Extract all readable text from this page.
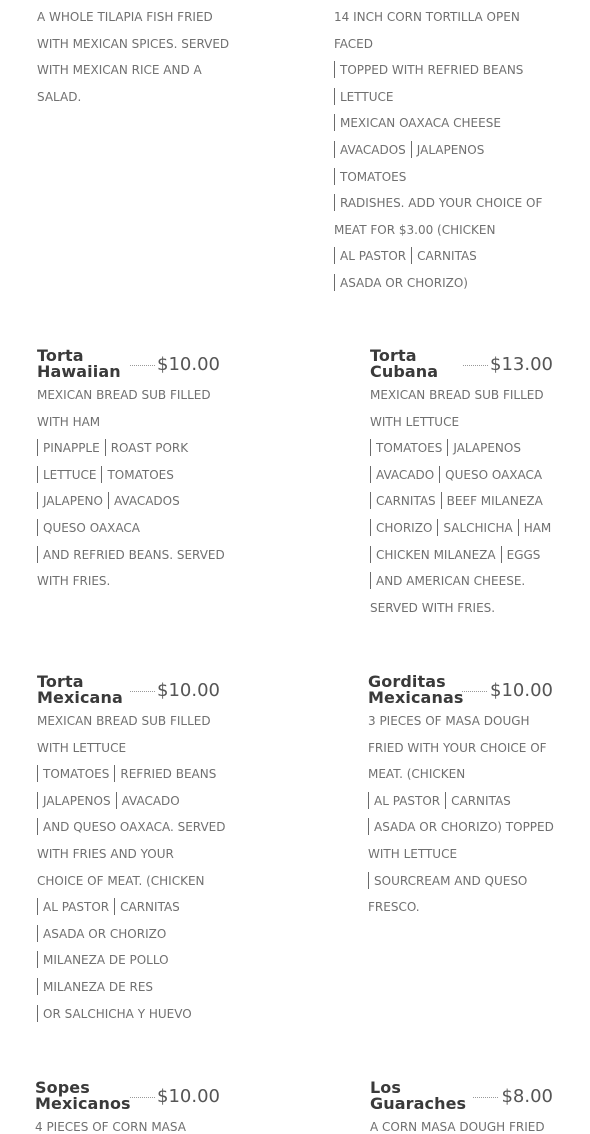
A WHOLE TILAPIA FISH FRIED
WITH MEXICAN SPICES. SERVED
WITH MEXICAN RICE AND A
SALAD.
14 INCH CORN TORTILLA OPEN
FACED
TOPPED WITH REFRIED BEANS
LETTUCE
MEXICAN OAXACA CHEESE
AVACADOS JALAPENOS
TOMATOES
RADISHES. ADD YOUR CHOICE OF
MEAT FOR $3.00 (CHICKEN
AL PASTOR CARNITAS
ASADA OR CHORIZO)
Torta
Hawaiian $10.00
MEXICAN BREAD SUB FILLED
WITH HAM
PINAPPLE ROAST PORK
LETTUCE TOMATOES
JALAPENO AVACADOS
QUESO OAXACA
AND REFRIED BEANS. SERVED
WITH FRIES.
Torta
Cubana	$13.00
MEXICAN BREAD SUB FILLED
WITH LETTUCE
TOMATOES JALAPENOS
AVACADO QUESO OAXACA
CARNITAS BEEF MILANEZA
CHORIZO SALCHICHA HAM
CHICKEN MILANEZA EGGS
AND AMERICAN CHEESE.
SERVED WITH FRIES.
Torta
Mexicana $10.00
MEXICAN BREAD SUB FILLED
WITH LETTUCE
TOMATOES REFRIED BEANS
JALAPENOS AVACADO
AND QUESO OAXACA. SERVED
WITH FRIES AND YOUR
CHOICE OF MEAT. (CHICKEN
AL PASTOR CARNITAS
ASADA OR CHORIZO
MILANEZA DE POLLO
MILANEZA DE RES
OR SALCHICHA Y HUEVO
Gorditas
Mexicanas $10.00
3 PIECES OF MASA DOUGH
FRIED WITH YOUR CHOICE OF
MEAT. (CHICKEN
AL PASTOR CARNITAS
ASADA OR CHORIZO) TOPPED
WITH LETTUCE
SOURCREAM AND QUESO
FRESCO.
Sopes
Mexicanos $10.00
4 PIECES OF CORN MASA
Los
Guaraches $8.00
A CORN MASA DOUGH FRIED
